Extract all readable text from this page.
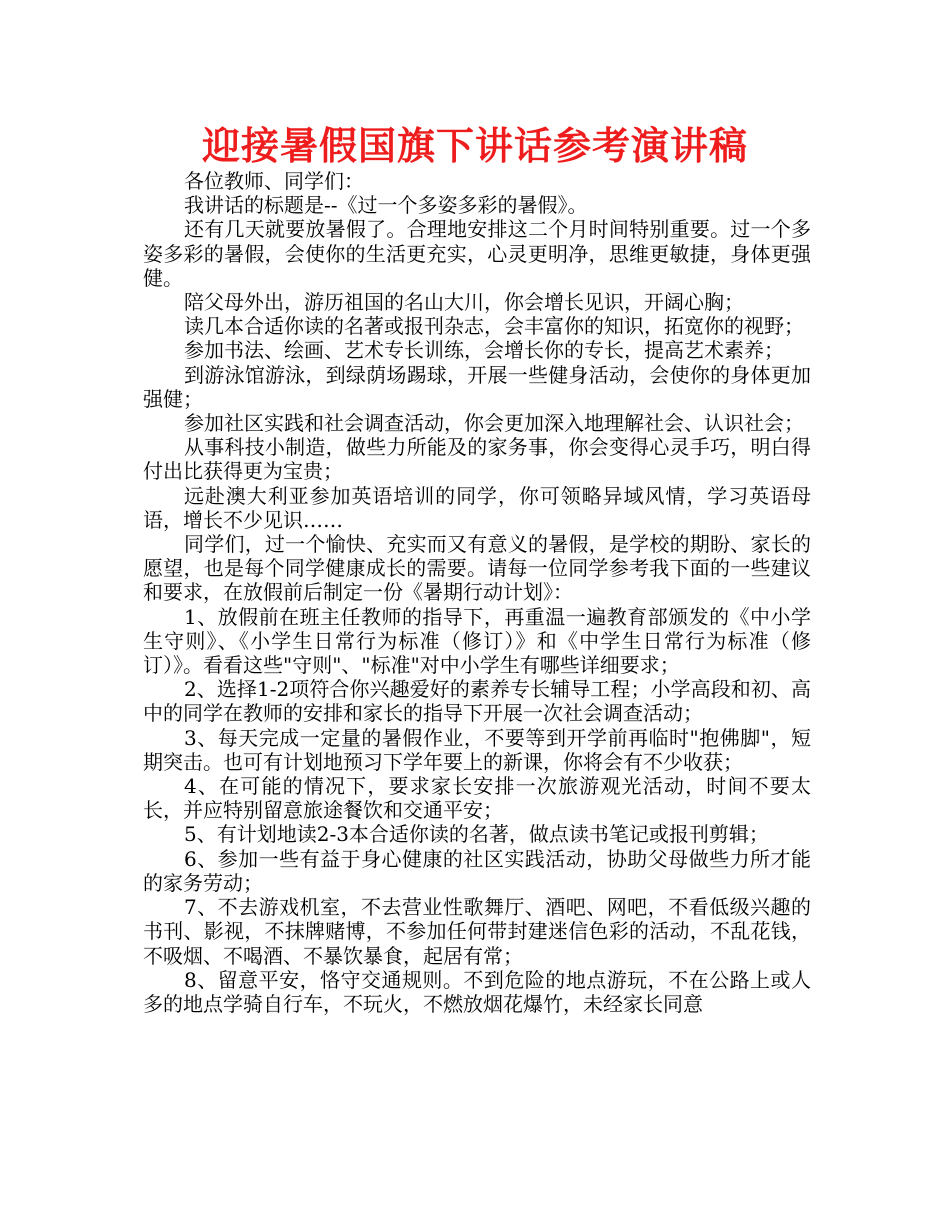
迎接暑假国旗下讲话参考演讲稿

各位教师、同学们：

我讲话的标题是--《过一个多姿多彩的暑假》。

还有几天就要放暑假了。合理地安排这二个月时间特别重要。过一个多姿多彩的暑假，会使你的生活更充实，心灵更明净，思维更敏捷，身体更强健。

陪父母外出，游历祖国的名山大川，你会增长见识，开阔心胸；

读几本合适你读的名著或报刊杂志，会丰富你的知识，拓宽你的视野；

参加书法、绘画、艺术专长训练，会增长你的专长，提高艺术素养；

到游泳馆游泳，到绿荫场踢球，开展一些健身活动，会使你的身体更加强健；

参加社区实践和社会调查活动，你会更加深入地理解社会、认识社会；

从事科技小制造，做些力所能及的家务事，你会变得心灵手巧，明白得付出比获得更为宝贵；

远赴澳大利亚参加英语培训的同学，你可领略异域风情，学习英语母语，增长不少见识……

同学们，过一个愉快、充实而又有意义的暑假，是学校的期盼、家长的愿望，也是每个同学健康成长的需要。请每一位同学参考我下面的一些建议和要求，在放假前后制定一份《暑期行动计划》：

1、放假前在班主任教师的指导下，再重温一遍教育部颁发的《中小学生守则》、《小学生日常行为标准（修订）》和《中学生日常行为标准（修订）》。看看这些"守则"、"标准"对中小学生有哪些详细要求；

2、选择1-2项符合你兴趣爱好的素养专长辅导工程；小学高段和初、高中的同学在教师的安排和家长的指导下开展一次社会调查活动；

3、每天完成一定量的暑假作业，不要等到开学前再临时"抱佛脚"，短期突击。也可有计划地预习下学年要上的新课，你将会有不少收获；

4、在可能的情况下，要求家长安排一次旅游观光活动，时间不要太长，并应特别留意旅途餐饮和交通平安；

5、有计划地读2-3本合适你读的名著，做点读书笔记或报刊剪辑；

6、参加一些有益于身心健康的社区实践活动，协助父母做些力所才能的家务劳动；

7、不去游戏机室，不去营业性歌舞厅、酒吧、网吧，不看低级兴趣的书刊、影视，不抹牌赌博，不参加任何带封建迷信色彩的活动，不乱花钱，不吸烟、不喝酒、不暴饮暴食，起居有常；

8、留意平安，恪守交通规则。不到危险的地点游玩，不在公路上或人多的地点学骑自行车，不玩火，不燃放烟花爆竹，未经家长同意
